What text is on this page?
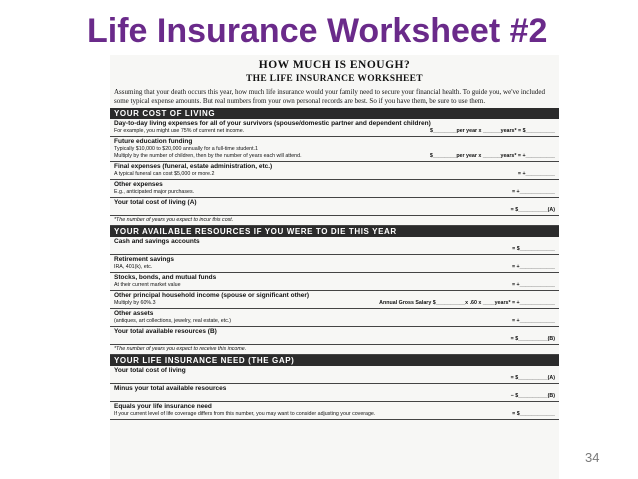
Life Insurance Worksheet #2
HOW MUCH IS ENOUGH?
THE LIFE INSURANCE WORKSHEET
Assuming that your death occurs this year, how much life insurance would your family need to secure your financial health. To guide you, we've included some typical expense amounts. But real numbers from your own personal records are best. So if you have them, be sure to use them.
YOUR COST OF LIVING
Day-to-day living expenses for all of your survivors (spouse/domestic partner and dependent children)
For example, you might use 75% of current net income.	$________per year x ______years* = $__________
Future education funding
Typically $10,000 to $20,000 annually for a full-time student.1
Multiply by the number of children, then by the number of years each will attend.	$________per year x ______years* = +__________
Final expenses (funeral, estate administration, etc.)
A typical funeral can cost $5,000 or more.2	= +__________
Other expenses
E.g., anticipated major purchases.	= +____________
Your total cost of living (A)
= $__________(A)
*The number of years you expect to incur this cost.
YOUR AVAILABLE RESOURCES IF YOU WERE TO DIE THIS YEAR
Cash and savings accounts
= $____________
Retirement savings
IRA, 401(k), etc.	= +____________
Stocks, bonds, and mutual funds
At their current market value	= +____________
Other principal household income (spouse or significant other)
Multiply by 60%.3	Annual Gross Salary $__________x .60 x ____years* = +____________
Other assets
(antiques, art collections, jewelry, real estate, etc.)	= +____________
Your total available resources (B)
= $__________(B)
*The number of years you expect to receive this income.
YOUR LIFE INSURANCE NEED (THE GAP)
Your total cost of living
= $__________(A)
Minus your total available resources
− $__________(B)
Equals your life insurance need
If your current level of life coverage differs from this number, you may want to consider adjusting your coverage.	= $____________
34
